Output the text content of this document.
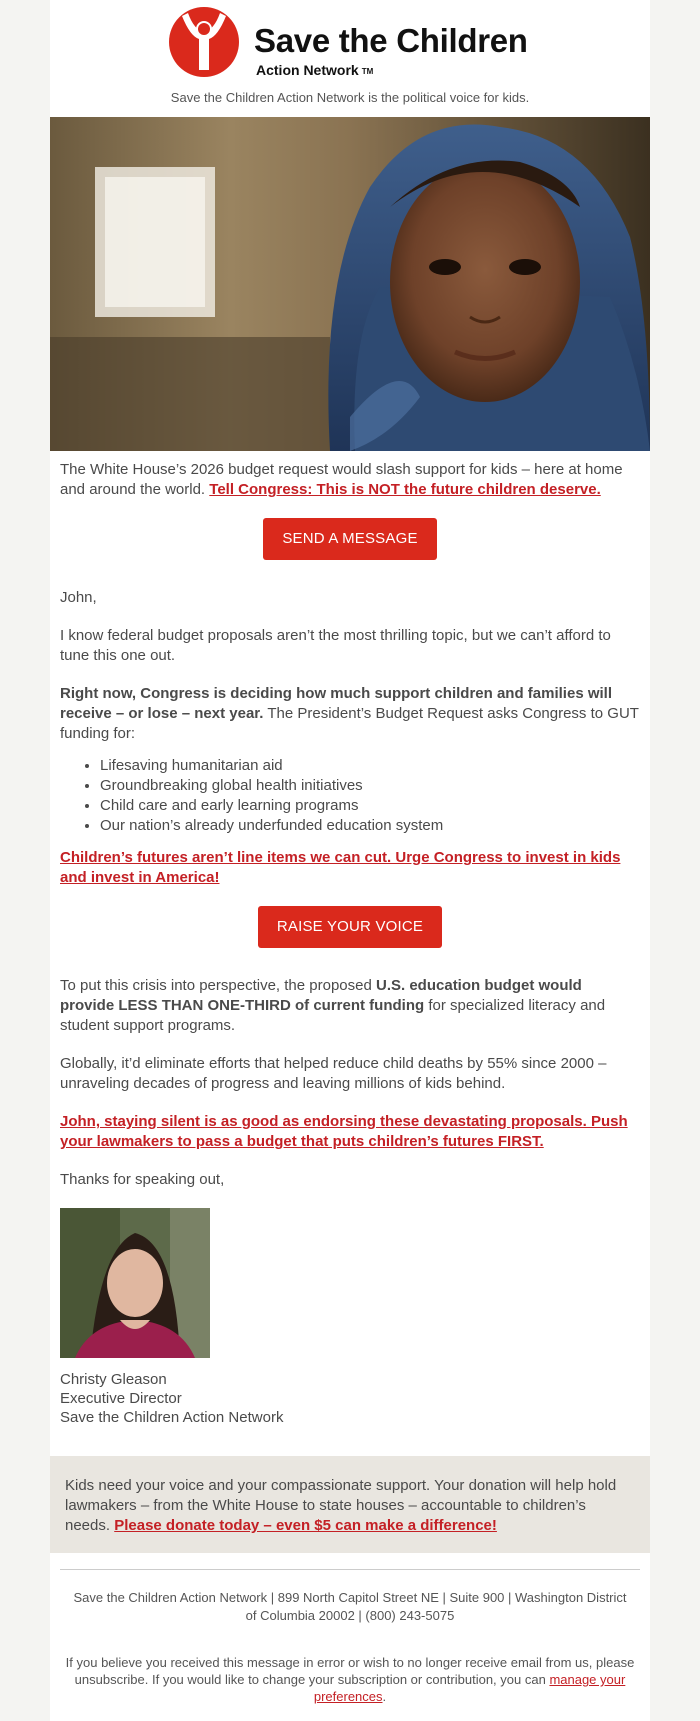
Save the Children
Action Network TM
Save the Children Action Network is the political voice for kids.

The White House’s 2026 budget request would slash support for kids – here at home and around the world. Tell Congress: This is NOT the future children deserve.

SEND A MESSAGE

John,

I know federal budget proposals aren’t the most thrilling topic, but we can’t afford to tune this one out.

Right now, Congress is deciding how much support children and families will receive – or lose – next year. The President’s Budget Request asks Congress to GUT funding for:

• Lifesaving humanitarian aid
• Groundbreaking global health initiatives
• Child care and early learning programs
• Our nation’s already underfunded education system

Children’s futures aren’t line items we can cut. Urge Congress to invest in kids and invest in America!

RAISE YOUR VOICE

To put this crisis into perspective, the proposed U.S. education budget would provide LESS THAN ONE-THIRD of current funding for specialized literacy and student support programs.

Globally, it’d eliminate efforts that helped reduce child deaths by 55% since 2000 – unraveling decades of progress and leaving millions of kids behind.

John, staying silent is as good as endorsing these devastating proposals. Push your lawmakers to pass a budget that puts children’s futures FIRST.

Thanks for speaking out,

Christy Gleason
Executive Director
Save the Children Action Network
Kids need your voice and your compassionate support. Your donation will help hold lawmakers – from the White House to state houses – accountable to children’s needs. Please donate today – even $5 can make a difference!
Save the Children Action Network | 899 North Capitol Street NE | Suite 900 | Washington District of Columbia 20002 | (800) 243-5075
If you believe you received this message in error or wish to no longer receive email from us, please unsubscribe. If you would like to change your subscription or contribution, you can manage your preferences.
